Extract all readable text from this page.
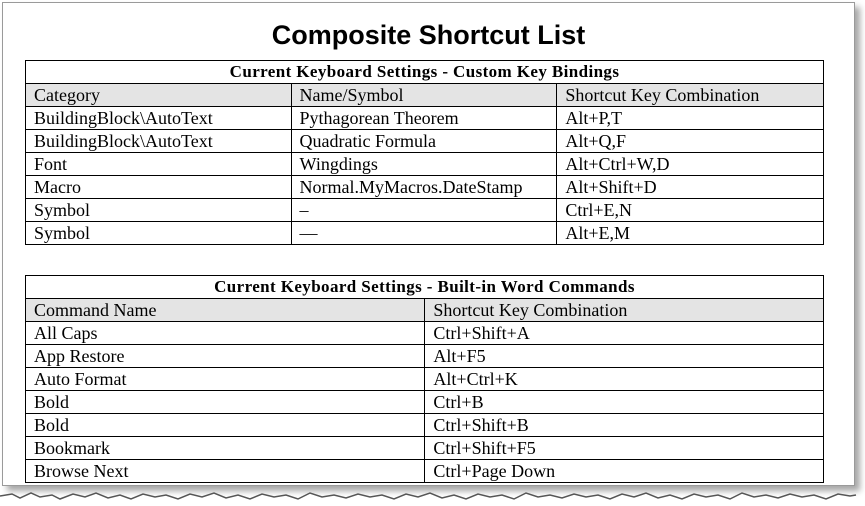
Composite Shortcut List
Current Keyboard Settings - Custom Key Bindings		
Category	Name/Symbol	Shortcut Key Combination
BuildingBlock\AutoText	Pythagorean Theorem	Alt+P,T
BuildingBlock\AutoText	Quadratic Formula	Alt+Q,F
Font	Wingdings	Alt+Ctrl+W,D
Macro	Normal.MyMacros.DateStamp	Alt+Shift+D
Symbol	–	Ctrl+E,N
Symbol	—	Alt+E,M
Current Keyboard Settings - Built-in Word Commands	
Command Name	Shortcut Key Combination
All Caps	Ctrl+Shift+A
App Restore	Alt+F5
Auto Format	Alt+Ctrl+K
Bold	Ctrl+B
Bold	Ctrl+Shift+B
Bookmark	Ctrl+Shift+F5
Browse Next	Ctrl+Page Down
